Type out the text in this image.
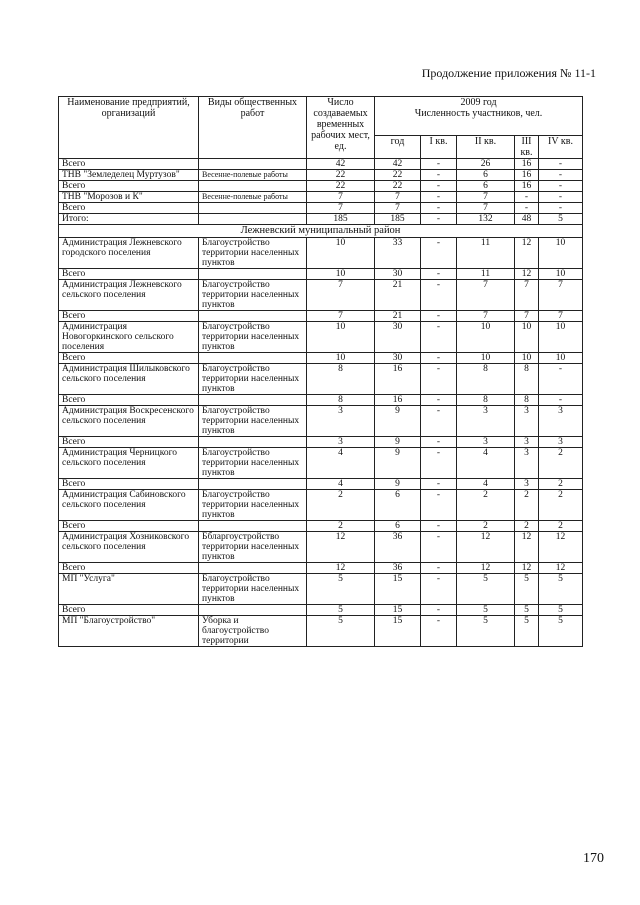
Продолжение приложения № 11-1
Наименование предприятий, организаций	Виды общественных работ	Число создаваемых временных рабочих мест, ед.	2009 год
Численность участников, чел.				

			год	I кв.	II кв.	III кв.	IV кв.
Всего		42	42	-	26	16	-
ТНВ "Земледелец Муртузов"	Весенне-полевые работы	22	22	-	6	16	-
Всего		22	22	-	6	16	-
ТНВ "Морозов и К"	Весенне-полевые работы	7	7	-	7	-	-
Всего		7	7	-	7	-	-
Итого:		185	185	-	132	48	5
Лежневский муниципальный район							
Администрация Лежневского городского поселения	Благоустройство территории населенных пунктов	10	33	-	11	12	10
Всего		10	30	-	11	12	10
Администрация Лежневского сельского поселения	Благоустройство территории населенных пунктов	7	21	-	7	7	7
Всего		7	21	-	7	7	7
Администрация Новогоркинского сельского поселения	Благоустройство территории населенных пунктов	10	30	-	10	10	10
Всего		10	30	-	10	10	10
Администрация Шилыковского сельского поселения	Благоустройство территории населенных пунктов	8	16	-	8	8	-
Всего		8	16	-	8	8	-
Администрация Воскресенского сельского поселения	Благоустройство территории населенных пунктов	3	9	-	3	3	3
Всего		3	9	-	3	3	3
Администрация Черницкого сельского поселения	Благоустройство территории населенных пунктов	4	9	-	4	3	2
Всего		4	9	-	4	3	2
Администрация Сабиновского сельского поселения	Благоустройство территории населенных пунктов	2	6	-	2	2	2
Всего		2	6	-	2	2	2
Администрация Хозниковского сельского поселения	Ббларгоустройство территории населенных пунктов	12	36	-	12	12	12
Всего		12	36	-	12	12	12
МП "Услуга"	Благоустройство территории населенных пунктов	5	15	-	5	5	5
Всего		5	15	-	5	5	5
МП "Благоустройство"	Уборка и благоустройство территории	5	15	-	5	5	5
170
